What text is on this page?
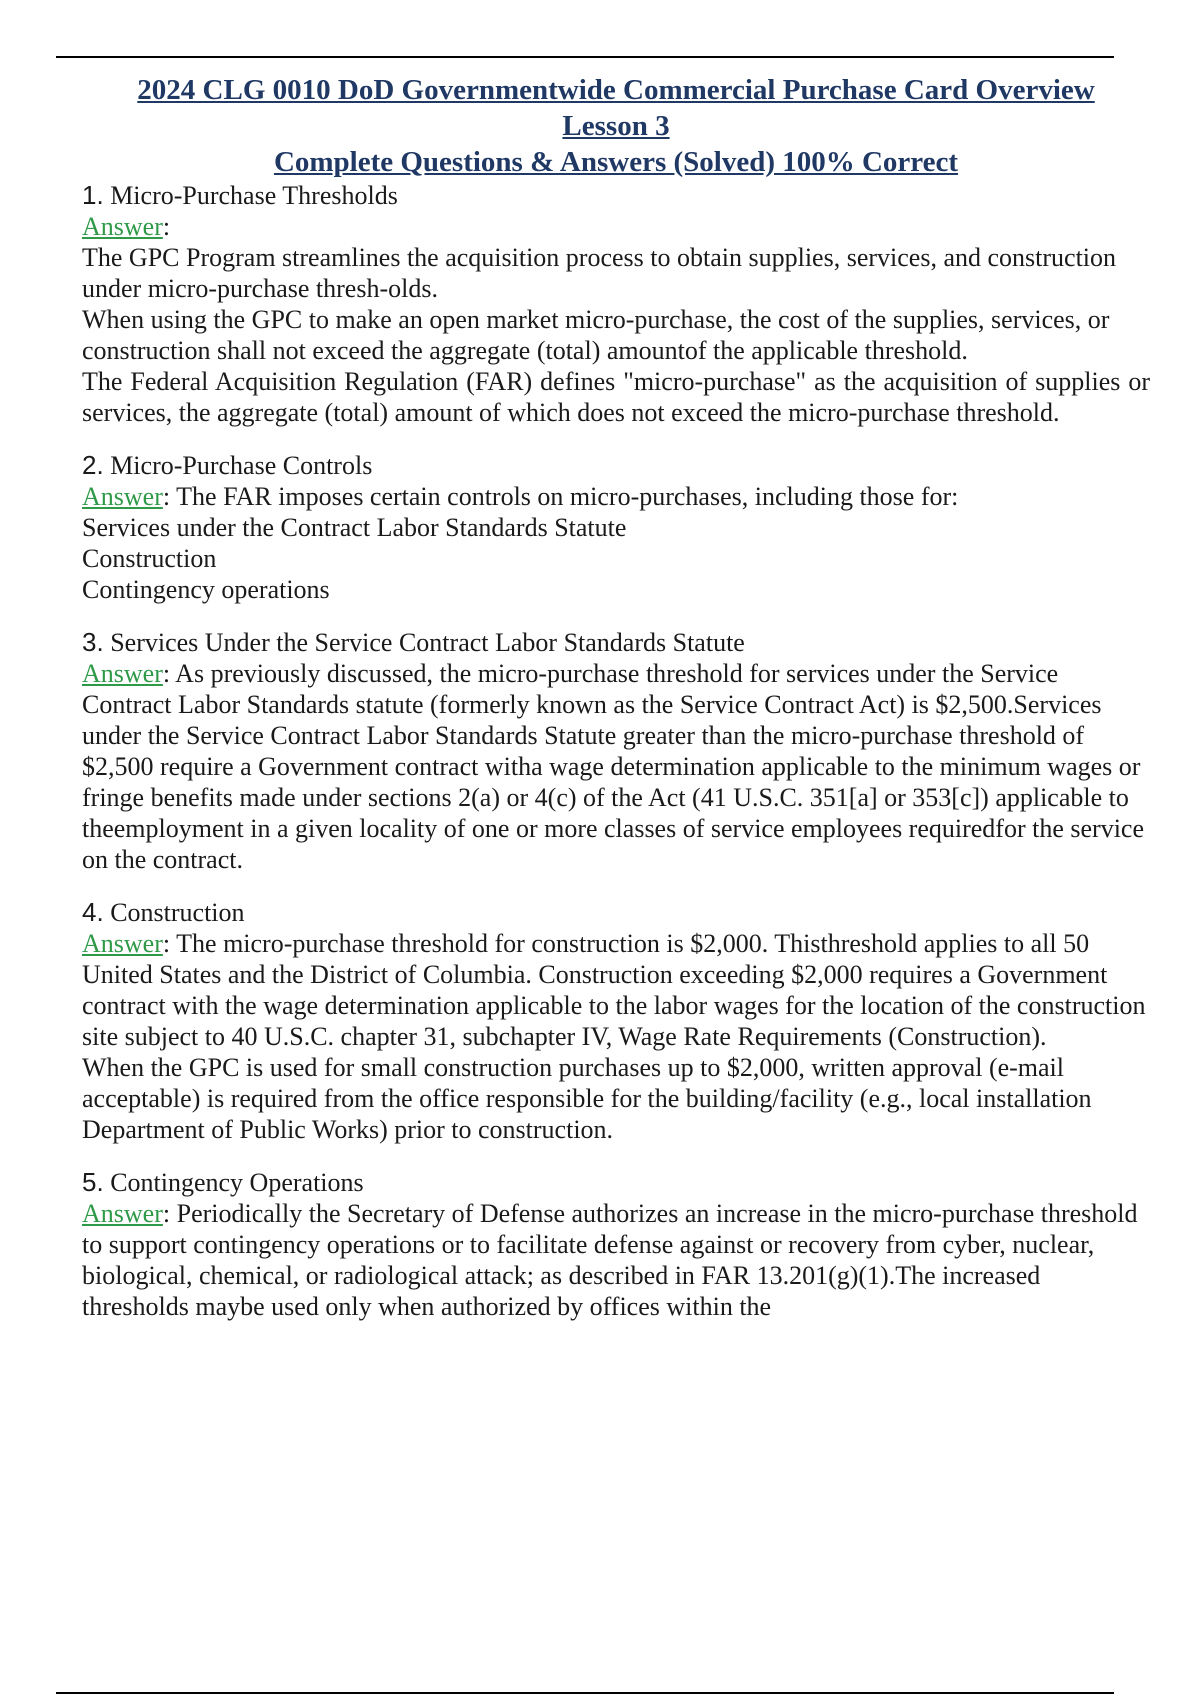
2024 CLG 0010 DoD Governmentwide Commercial Purchase Card Overview
Lesson 3
Complete Questions & Answers (Solved) 100% Correct

1. Micro-Purchase Thresholds

Answer:

The GPC Program streamlines the acquisition process to obtain supplies, services, and construction under micro-purchase thresh-olds.

When using the GPC to make an open market micro-purchase, the cost of the supplies, services, or construction shall not exceed the aggregate (total) amountof the applicable threshold.

The Federal Acquisition Regulation (FAR) defines "micro-purchase" as the acquisition of supplies or services, the aggregate (total) amount of which does not exceed the micro-purchase threshold.

2. Micro-Purchase Controls

Answer: The FAR imposes certain controls on micro-purchases, including those for:

Services under the Contract Labor Standards Statute

Construction

Contingency operations

3. Services Under the Service Contract Labor Standards Statute

Answer: As previously discussed, the micro-purchase threshold for services under the Service Contract Labor Standards statute (formerly known as the Service Contract Act) is $2,500.Services under the Service Contract Labor Standards Statute greater than the micro-purchase threshold of $2,500 require a Government contract witha wage determination applicable to the minimum wages or fringe benefits made under sections 2(a) or 4(c) of the Act (41 U.S.C. 351[a] or 353[c]) applicable to theemployment in a given locality of one or more classes of service employees requiredfor the service on the contract.

4. Construction

Answer: The micro-purchase threshold for construction is $2,000. Thisthreshold applies to all 50 United States and the District of Columbia. Construction exceeding $2,000 requires a Government contract with the wage determination applicable to the labor wages for the location of the construction site subject to 40 U.S.C. chapter 31, subchapter IV, Wage Rate Requirements (Construction).

When the GPC is used for small construction purchases up to $2,000, written approval (e-mail acceptable) is required from the office responsible for the building/facility (e.g., local installation Department of Public Works) prior to construction.

5. Contingency Operations

Answer: Periodically the Secretary of Defense authorizes an increase in the micro-purchase threshold to support contingency operations or to facilitate defense against or recovery from cyber, nuclear, biological, chemical, or radiological attack; as described in FAR 13.201(g)(1).The increased thresholds maybe used only when authorized by offices within the
